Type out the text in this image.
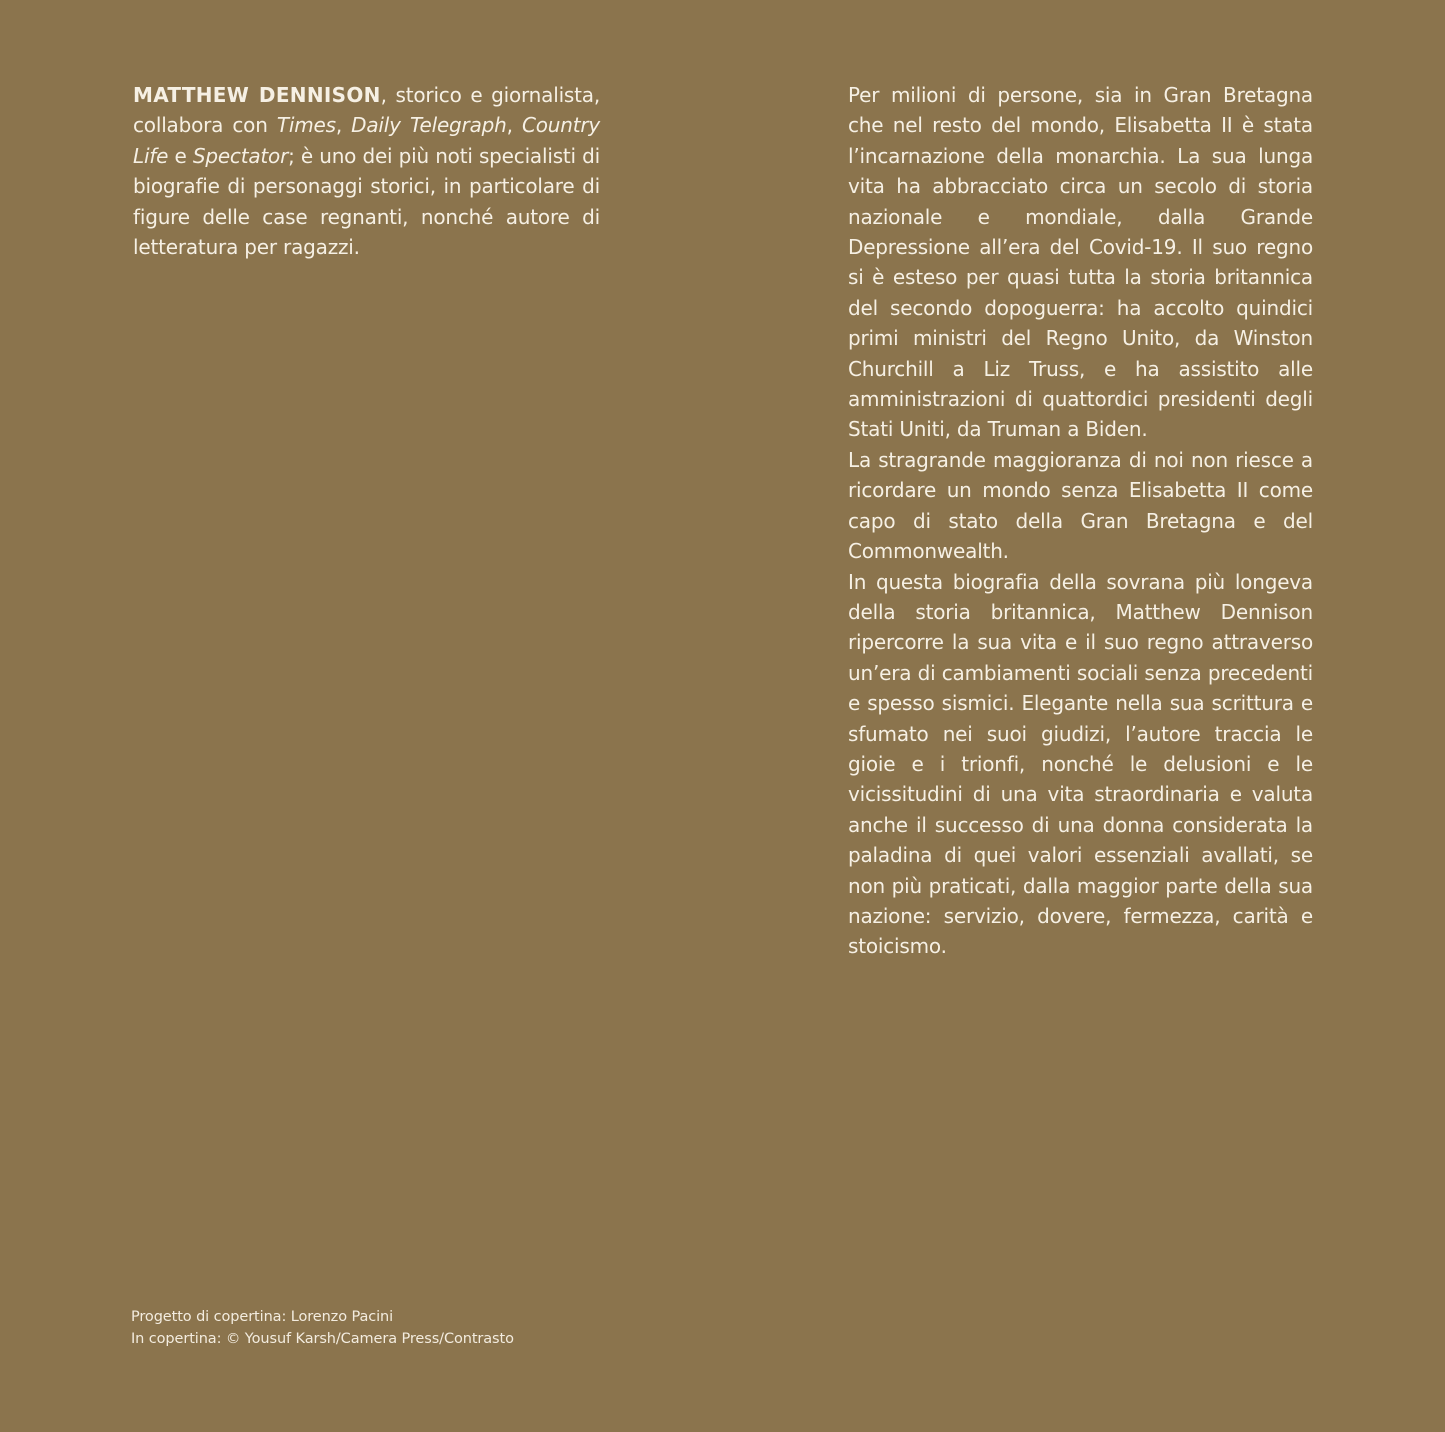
MATTHEW DENNISON, storico e giornalista, collabora con Times, Daily Telegraph, Country Life e Spectator; è uno dei più noti specialisti di biografie di personaggi storici, in particolare di figure delle case regnanti, nonché autore di letteratura per ragazzi.

Per milioni di persone, sia in Gran Bretagna che nel resto del mondo, Elisabetta II è stata l’incarnazione della monarchia. La sua lunga vita ha abbracciato circa un secolo di storia nazionale e mondiale, dalla Grande Depressione all’era del Covid-19. Il suo regno si è esteso per quasi tutta la storia britannica del secondo dopoguerra: ha accolto quindici primi ministri del Regno Unito, da Winston Churchill a Liz Truss, e ha assistito alle amministrazioni di quattordici presidenti degli Stati Uniti, da Truman a Biden.

La stragrande maggioranza di noi non riesce a ricordare un mondo senza Elisabetta II come capo di stato della Gran Bretagna e del Commonwealth.

In questa biografia della sovrana più longeva della storia britannica, Matthew Dennison ripercorre la sua vita e il suo regno attraverso un’era di cambiamenti sociali senza precedenti e spesso sismici. Elegante nella sua scrittura e sfumato nei suoi giudizi, l’autore traccia le gioie e i trionfi, nonché le delusioni e le vicissitudini di una vita straordinaria e valuta anche il successo di una donna considerata la paladina di quei valori essenziali avallati, se non più praticati, dalla maggior parte della sua nazione: servizio, dovere, fermezza, carità e stoicismo.

Progetto di copertina: Lorenzo Pacini

In copertina: © Yousuf Karsh/Camera Press/Contrasto
